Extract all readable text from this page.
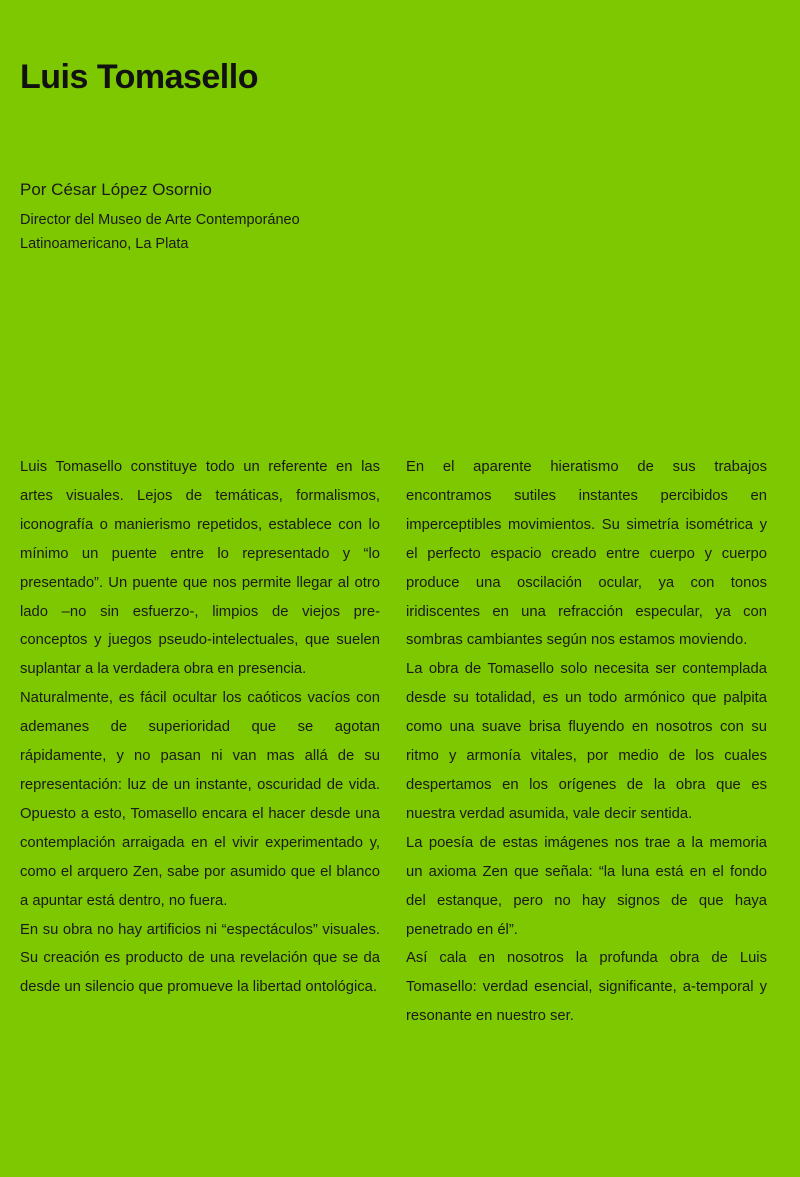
Luis Tomasello
Por César López Osornio
Director del Museo de Arte Contemporáneo
Latinoamericano, La Plata

Luis Tomasello constituye todo un referente en las artes visuales. Lejos de temáticas, formalismos, iconografía o manierismo repetidos, establece con lo mínimo un puente entre lo representado y “lo presentado”. Un puente que nos permite llegar al otro lado –no sin esfuerzo-, limpios de viejos pre-conceptos y juegos pseudo-intelectuales, que suelen suplantar a la verdadera obra en presencia.

Naturalmente, es fácil ocultar los caóticos vacíos con ademanes de superioridad que se agotan rápidamente, y no pasan ni van mas allá de su representación: luz de un instante, oscuridad de vida. Opuesto a esto, Tomasello encara el hacer desde una contemplación arraigada en el vivir experimentado y, como el arquero Zen, sabe por asumido que el blanco a apuntar está dentro, no fuera.

En su obra no hay artificios ni “espectáculos” visuales. Su creación es producto de una revelación que se da desde un silencio que promueve la libertad ontológica.

En el aparente hieratismo de sus trabajos encontramos sutiles instantes percibidos en imperceptibles movimientos. Su simetría isométrica y el perfecto espacio creado entre cuerpo y cuerpo produce una oscilación ocular, ya con tonos iridiscentes en una refracción especular, ya con sombras cambiantes según nos estamos moviendo.

La obra de Tomasello solo necesita ser contemplada desde su totalidad, es un todo armónico que palpita como una suave brisa fluyendo en nosotros con su ritmo y armonía vitales, por medio de los cuales despertamos en los orígenes de la obra que es nuestra verdad asumida, vale decir sentida.

La poesía de estas imágenes nos trae a la memoria un axioma Zen que señala: “la luna está en el fondo del estanque, pero no hay signos de que haya penetrado en él”.

Así cala en nosotros la profunda obra de Luis Tomasello: verdad esencial, significante, a-temporal y resonante en nuestro ser.
